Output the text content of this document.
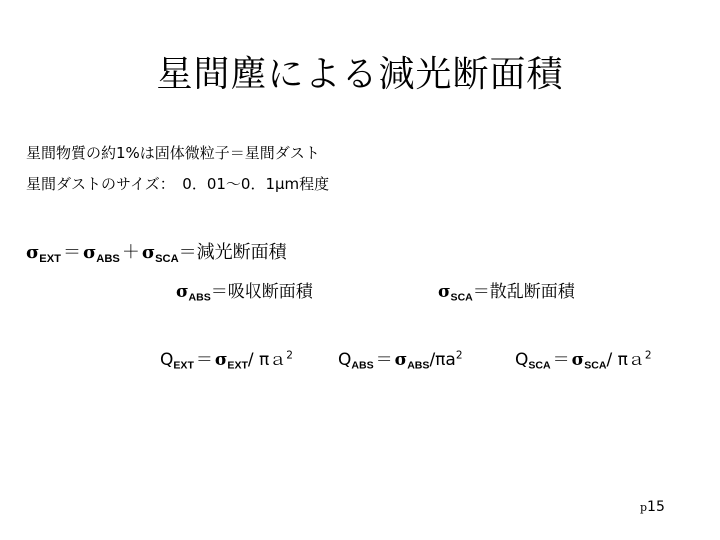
星間塵による減光断面積
星間物質の約1%は固体微粒子＝星間ダスト
星間ダストのサイズ：　0．01～0．1μm程度
$\sigma_{EXT} = \sigma_{ABS} + \sigma_{SCA}=$減光断面積
$\sigma_{ABS}=$吸収断面積	$\sigma_{SCA}=$散乱断面積
$Q_{EXT} = \sigma_{EXT}/$ πａ$^2$	$Q_{ABS} = \sigma_{ABS}/\pi a^2$	$Q_{SCA} = \sigma_{SCA}/$ πａ$^2$
p15
